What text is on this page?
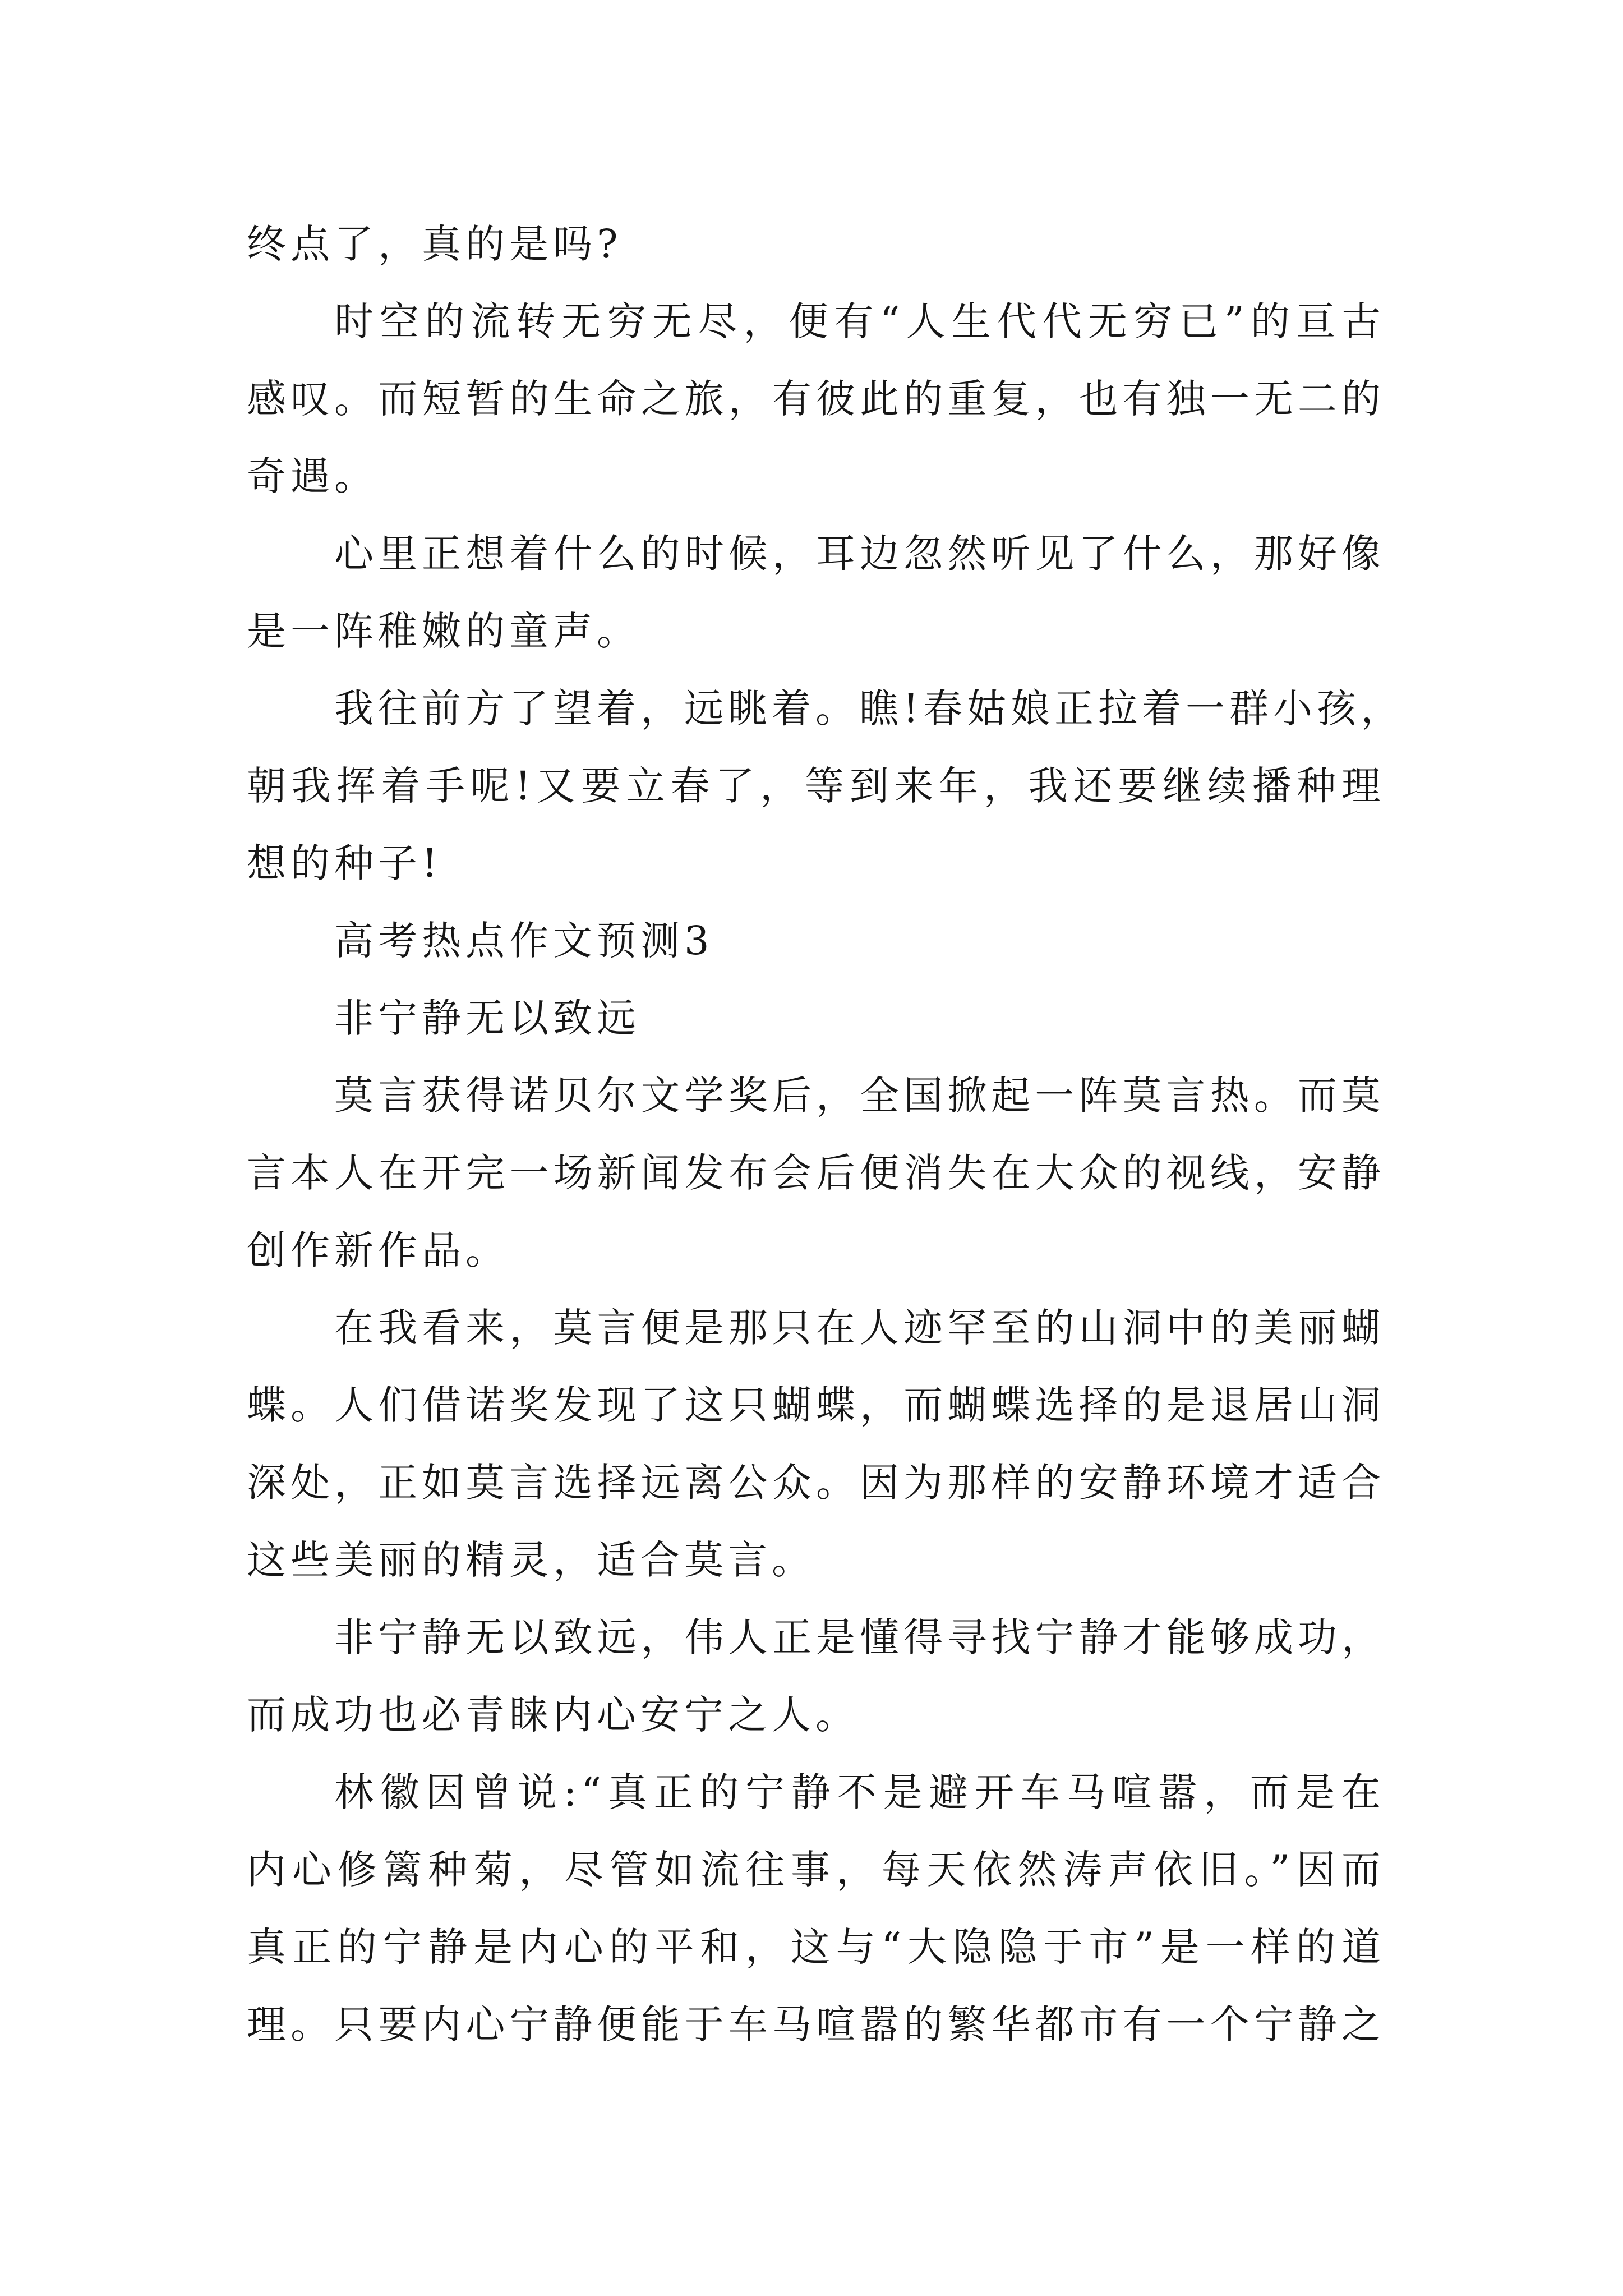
终点了，真的是吗?
时空的流转无穷无尽，便有“人生代代无穷已”的亘古
感叹。而短暂的生命之旅，有彼此的重复，也有独一无二的
奇遇。
心里正想着什么的时候，耳边忽然听见了什么，那好像
是一阵稚嫩的童声。
我往前方了望着，远眺着。瞧!春姑娘正拉着一群小孩，
朝我挥着手呢!又要立春了，等到来年，我还要继续播种理
想的种子!
高考热点作文预测3
非宁静无以致远
莫言获得诺贝尔文学奖后，全国掀起一阵莫言热。而莫
言本人在开完一场新闻发布会后便消失在大众的视线，安静
创作新作品。
在我看来，莫言便是那只在人迹罕至的山洞中的美丽蝴
蝶。人们借诺奖发现了这只蝴蝶，而蝴蝶选择的是退居山洞
深处，正如莫言选择远离公众。因为那样的安静环境才适合
这些美丽的精灵，适合莫言。
非宁静无以致远，伟人正是懂得寻找宁静才能够成功，
而成功也必青睐内心安宁之人。
林徽因曾说:“真正的宁静不是避开车马喧嚣，而是在
内心修篱种菊，尽管如流往事，每天依然涛声依旧。”因而
真正的宁静是内心的平和，这与“大隐隐于市”是一样的道
理。只要内心宁静便能于车马喧嚣的繁华都市有一个宁静之
